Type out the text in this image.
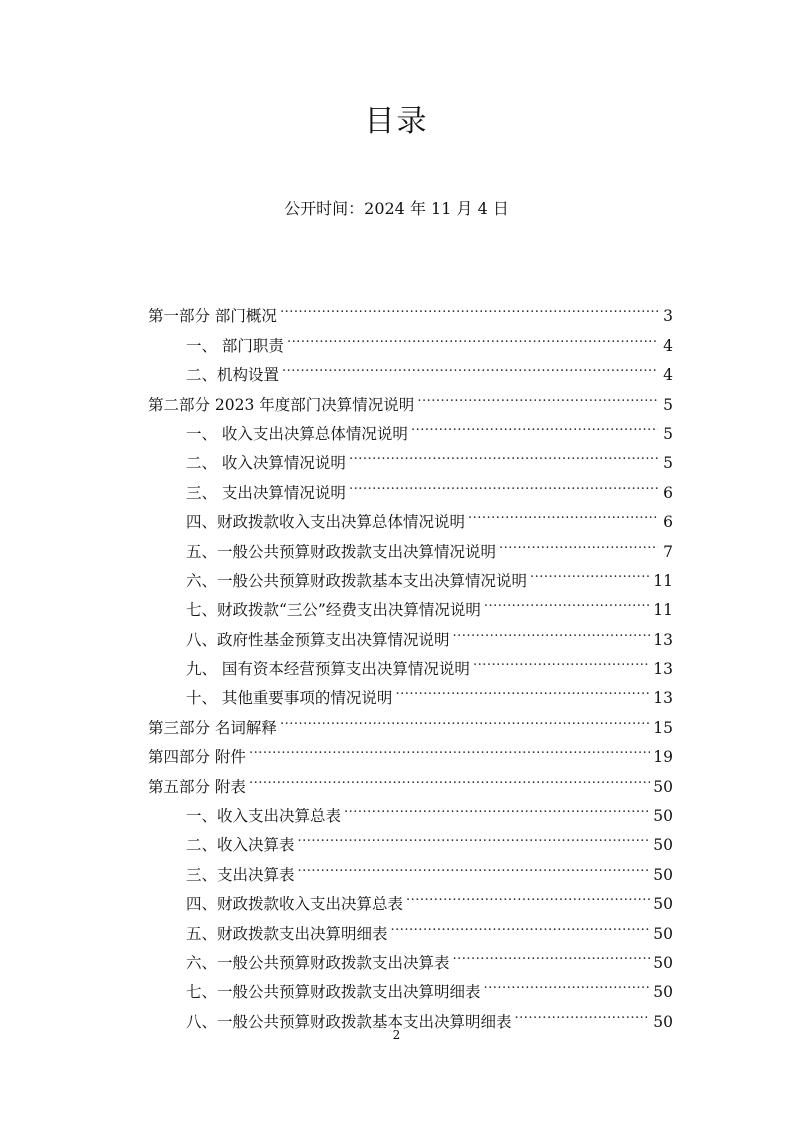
目录

公开时间：2024 年 11 月 4 日

第一部分 部门概况 .....	3
一、 部门职责 .....	4
二、机构设置 .....	4
第二部分 2023 年度部门决算情况说明 .....	5
一、 收入支出决算总体情况说明 .....	5
二、 收入决算情况说明 .....	5
三、 支出决算情况说明 .....	6
四、财政拨款收入支出决算总体情况说明 .....	6
五、一般公共预算财政拨款支出决算情况说明 .....	7
六、一般公共预算财政拨款基本支出决算情况说明 .....	11
七、财政拨款“三公”经费支出决算情况说明 .....	11
八、政府性基金预算支出决算情况说明 .....	13
九、 国有资本经营预算支出决算情况说明 .....	13
十、 其他重要事项的情况说明 .....	13
第三部分 名词解释 .....	15
第四部分 附件 .....	19
第五部分 附表 .....	50
一、收入支出决算总表 .....	50
二、收入决算表 .....	50
三、支出决算表 .....	50
四、财政拨款收入支出决算总表 .....	50
五、财政拨款支出决算明细表 .....	50
六、一般公共预算财政拨款支出决算表 .....	50
七、一般公共预算财政拨款支出决算明细表 .....	50
八、一般公共预算财政拨款基本支出决算明细表 .....	50

2
